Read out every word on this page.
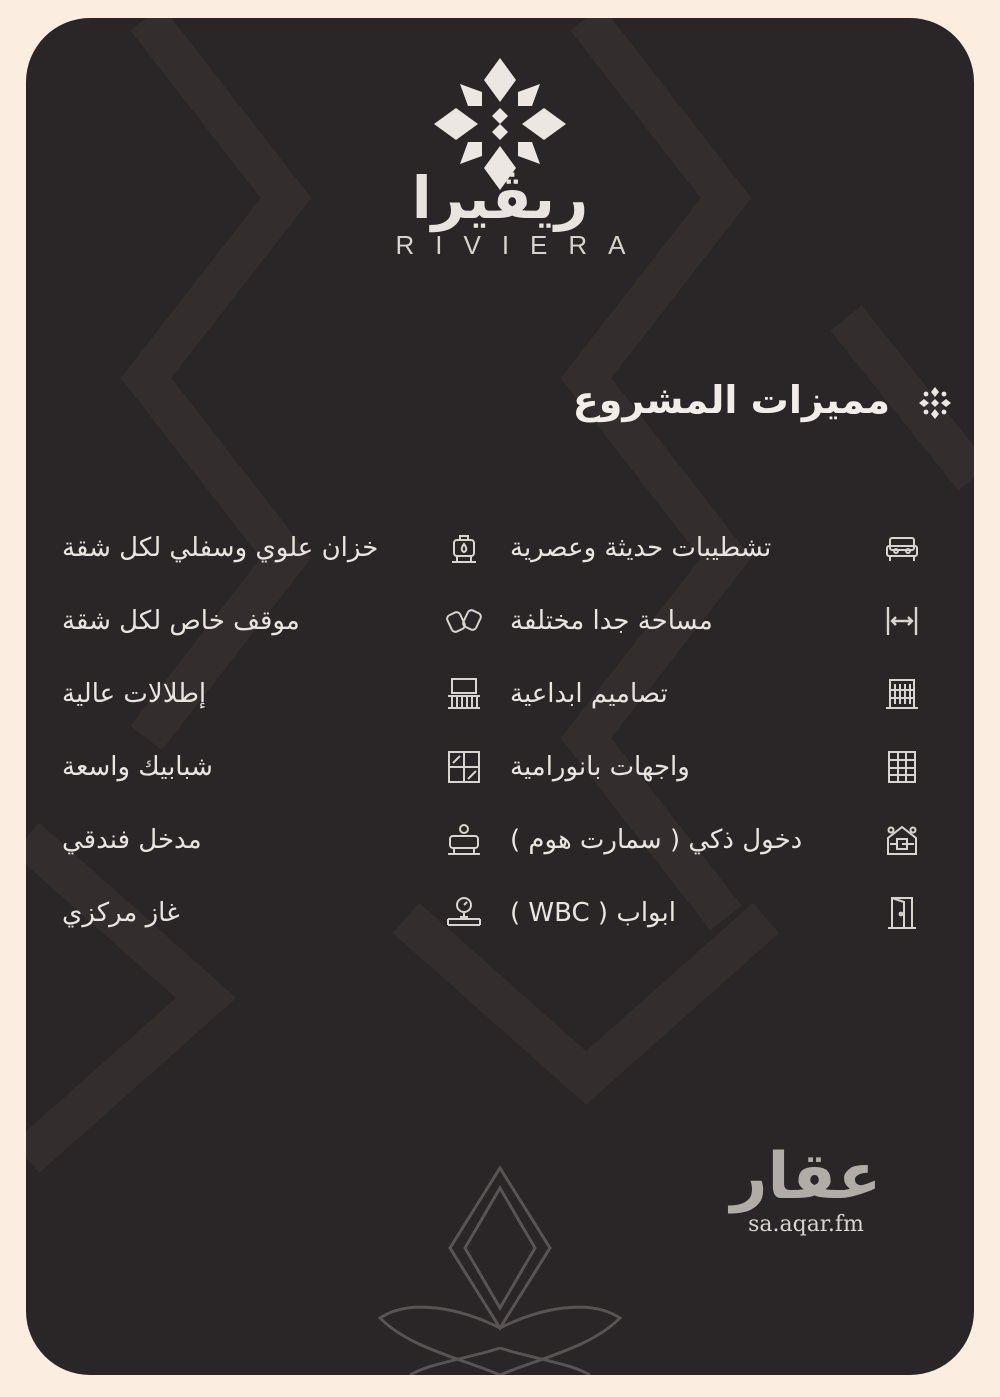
ريڤيرا
RIVIERA
مميزات المشروع
تشطيبات حديثة وعصرية
مساحة جدا مختلفة
تصاميم ابداعية
واجهات بانورامية
دخول ذكي ( سمارت هوم )
ابواب ( WBC )
خزان علوي وسفلي لكل شقة
موقف خاص لكل شقة
إطلالات عالية
شبابيك واسعة
مدخل فندقي
غاز مركزي
عقار
sa.aqar.fm
